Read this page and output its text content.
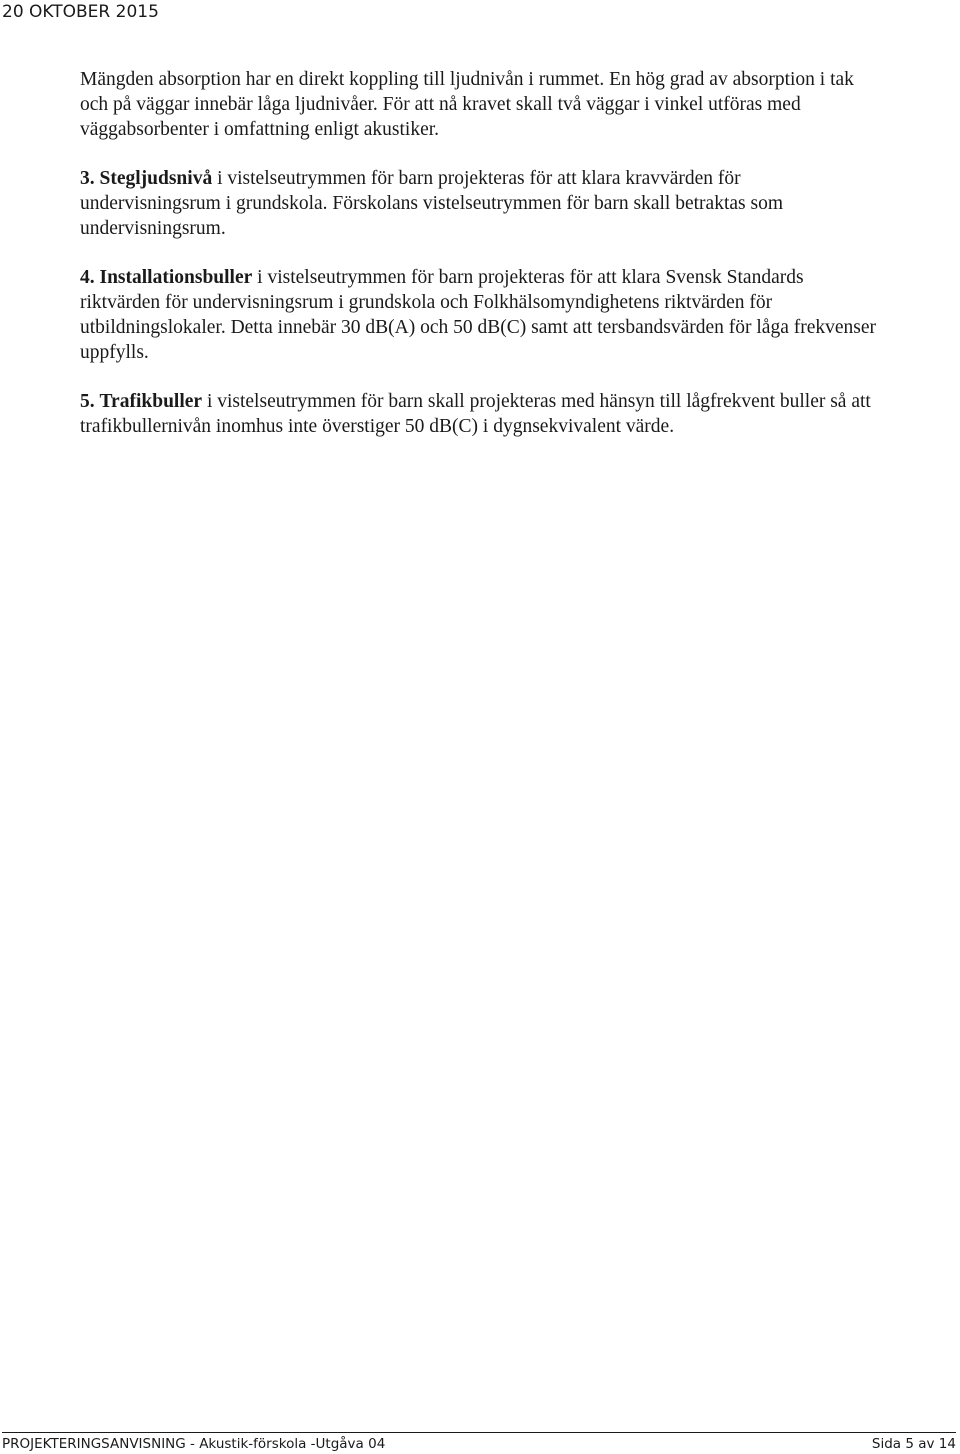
20 OKTOBER 2015

Mängden absorption har en direkt koppling till ljudnivån i rummet. En hög grad av absorption i tak och på väggar innebär låga ljudnivåer. För att nå kravet skall två väggar i vinkel utföras med väggabsorbenter i omfattning enligt akustiker.

3. Stegljudsnivå i vistelseutrymmen för barn projekteras för att klara kravvärden för undervisningsrum i grundskola. Förskolans vistelseutrymmen för barn skall betraktas som undervisningsrum.

4. Installationsbuller i vistelseutrymmen för barn projekteras för att klara Svensk Standards riktvärden för undervisningsrum i grundskola och Folkhälsomyndighetens riktvärden för utbildningslokaler. Detta innebär 30 dB(A) och 50 dB(C) samt att tersbandsvärden för låga frekvenser uppfylls.

5. Trafikbuller i vistelseutrymmen för barn skall projekteras med hänsyn till lågfrekvent buller så att trafikbullernivån inomhus inte överstiger 50 dB(C) i dygnsekvivalent värde.

PROJEKTERINGSANVISNING - Akustik-förskola -Utgåva 04	Sida 5 av 14
